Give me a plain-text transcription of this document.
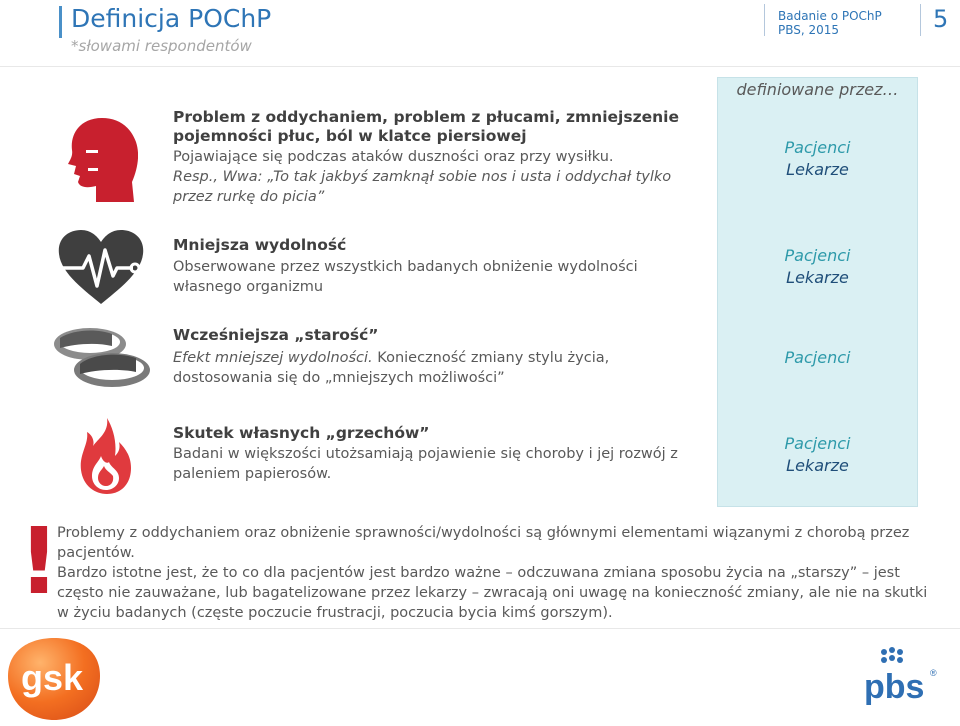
Definicja POChP
*słowami respondentów
Badanie o POChP
PBS, 2015	5
definiowane przez…
Pacjenci
Lekarze
Pacjenci
Lekarze
Pacjenci
Pacjenci
Lekarze
Problem z oddychaniem, problem z płucami, zmniejszenie pojemności płuc, ból w klatce piersiowej
Pojawiające się podczas ataków duszności oraz przy wysiłku.
Resp., Wwa: „To tak jakbyś zamknął sobie nos i usta i oddychał tylko przez rurkę do picia”
Mniejsza wydolność
Obserwowane przez wszystkich badanych obniżenie wydolności własnego organizmu
Wcześniejsza „starość”
Efekt mniejszej wydolności. Konieczność zmiany stylu życia, dostosowania się do „mniejszych możliwości”
Skutek własnych „grzechów”
Badani w większości utożsamiają pojawienie się choroby i jej rozwój z paleniem papierosów.
!

Problemy z oddychaniem oraz obniżenie sprawności/wydolności są głównymi elementami wiązanymi z chorobą przez pacjentów.

Bardzo istotne jest, że to co dla pacjentów jest bardzo ważne – odczuwana zmiana sposobu życia na „starszy” – jest często nie zauważane, lub bagatelizowane przez lekarzy – zwracają oni uwagę na konieczność zmiany, ale nie na skutki w życiu badanych (częste poczucie frustracji, poczucia bycia kimś gorszym).

gsk	pbs ®
